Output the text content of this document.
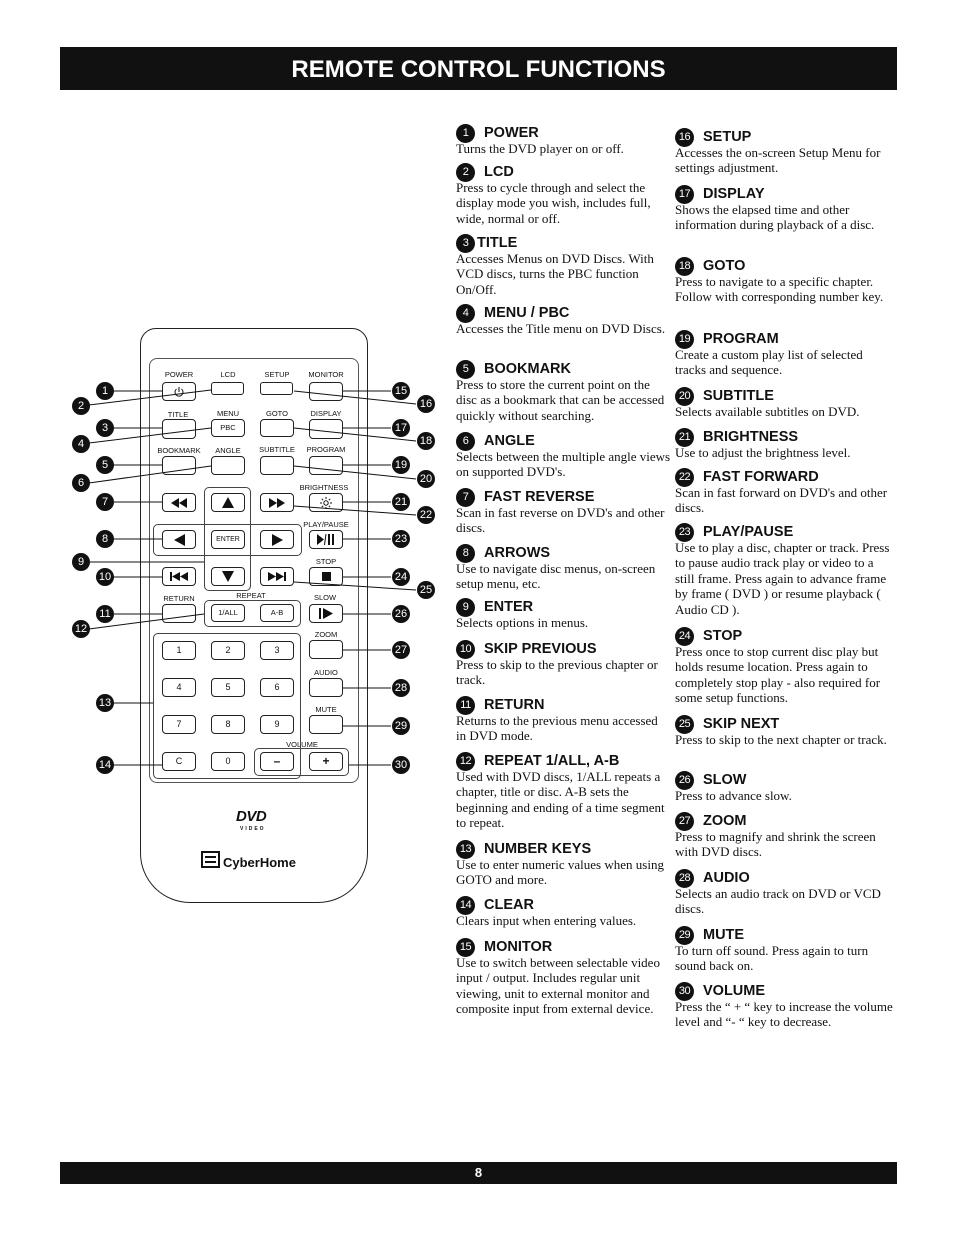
REMOTE CONTROL FUNCTIONS
POWER	LCD	SETUP	MONITOR
TITLE	MENU	GOTO	DISPLAY
PBC
BOOKMARK	ANGLE	SUBTITLE	PROGRAM
BRIGHTNESS
PLAY/PAUSE
ENTER
STOP
RETURN	REPEAT	SLOW
1/ALL	A-B
ZOOM
1	2	3
AUDIO
4	5	6
MUTE
7	8	9
VOLUME
C	0	–	+
DVD
VIDEO
CyberHome
1
2
3
4
5
6
7
8
9
10
11
12
13
14
15
16
17
18
19
20
21
22
23
24
25
26
27
28
29
30
1	POWER
Turns the DVD player on or off.
2	LCD
Press to cycle through and select the display mode you wish, includes full, wide, normal or off.
3 TITLE
Accesses Menus on DVD Discs. With VCD discs, turns the PBC function On/Off.
4	MENU / PBC
Accesses the Title menu on DVD Discs.
5	BOOKMARK
Press to store the current point on the disc as a bookmark that can be accessed quickly without searching.
6	ANGLE
Selects between the multiple angle views on supported DVD's.
7	FAST REVERSE
Scan in fast reverse on DVD's and other discs.
8	ARROWS
Use to navigate disc menus, on-screen setup menu, etc.
9	ENTER
Selects options in menus.
10 SKIP PREVIOUS
Press to skip to the previous chapter or track.
11 RETURN
Returns to the previous menu accessed in DVD mode.
12 REPEAT 1/ALL, A-B
Used with DVD discs, 1/ALL repeats a chapter, title or disc. A-B sets the beginning and ending of a time segment to repeat.
13 NUMBER KEYS
Use to enter numeric values when using GOTO and more.
14 CLEAR
Clears input when entering values.
15 MONITOR
Use to switch between selectable video input / output. Includes regular unit viewing, unit to external monitor and composite input from external device.
16 SETUP
Accesses the on-screen Setup Menu for settings adjustment.
17 DISPLAY
Shows the elapsed time and other information during playback of a disc.
18 GOTO
Press to navigate to a specific chapter. Follow with corresponding number key.
19 PROGRAM
Create a custom play list of selected tracks and sequence.
20 SUBTITLE
Selects available subtitles on DVD.
21 BRIGHTNESS
Use to adjust the brightness level.
22 FAST FORWARD
Scan in fast forward on DVD's and other discs.
23 PLAY/PAUSE
Use to play a disc, chapter or track. Press to pause audio track play or video to a still frame. Press again to advance frame by frame ( DVD ) or resume playback ( Audio CD ).
24 STOP
Press once to stop current disc play but holds resume location. Press again to completely stop play - also required for some setup functions.
25 SKIP NEXT
Press to skip to the next chapter or track.
26 SLOW
Press to advance slow.
27 ZOOM
Press to magnify and shrink the screen with DVD discs.
28 AUDIO
Selects an audio track on DVD or VCD discs.
29 MUTE
To turn off sound. Press again to turn sound back on.
30 VOLUME
Press the “ + “ key to increase the volume level and “- “ key to decrease.
8
